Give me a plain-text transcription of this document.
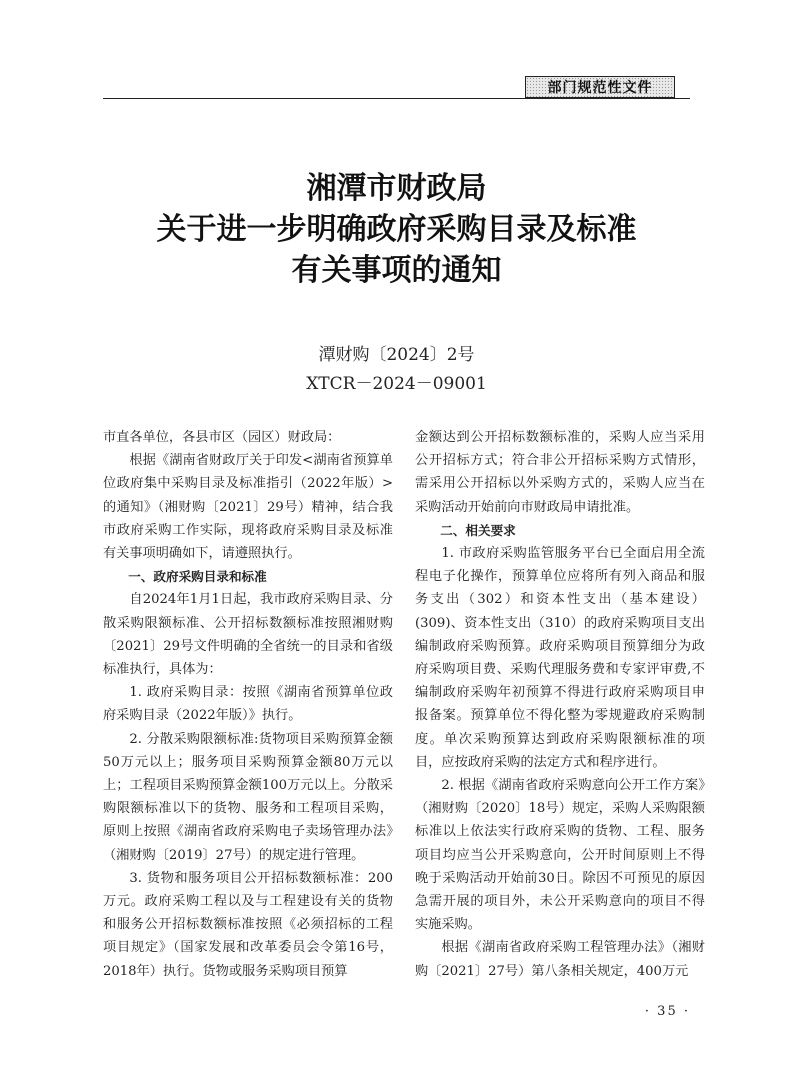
部门规范性文件
湘潭市财政局
关于进一步明确政府采购目录及标准
有关事项的通知
潭财购〔2024〕2号
XTCR－2024－09001

市直各单位，各县市区（园区）财政局：

根据《湖南省财政厅关于印发<湖南省预算单位政府集中采购目录及标准指引（2022年版）>的通知》（湘财购〔2021〕29号）精神，结合我市政府采购工作实际，现将政府采购目录及标准有关事项明确如下，请遵照执行。

一、政府采购目录和标准

自2024年1月1日起，我市政府采购目录、分散采购限额标准、公开招标数额标准按照湘财购〔2021〕29号文件明确的全省统一的目录和省级标准执行，具体为：

1. 政府采购目录：按照《湖南省预算单位政府采购目录（2022年版）》执行。

2. 分散采购限额标准:货物项目采购预算金额50万元以上；服务项目采购预算金额80万元以上；工程项目采购预算金额100万元以上。分散采购限额标准以下的货物、服务和工程项目采购，原则上按照《湖南省政府采购电子卖场管理办法》（湘财购〔2019〕27号）的规定进行管理。

3. 货物和服务项目公开招标数额标准：200万元。政府采购工程以及与工程建设有关的货物和服务公开招标数额标准按照《必须招标的工程项目规定》（国家发展和改革委员会令第16号，2018年）执行。货物或服务采购项目预算

金额达到公开招标数额标准的，采购人应当采用公开招标方式；符合非公开招标采购方式情形，需采用公开招标以外采购方式的，采购人应当在采购活动开始前向市财政局申请批准。

二、相关要求

1. 市政府采购监管服务平台已全面启用全流程电子化操作，预算单位应将所有列入商品和服务支出（302）和资本性支出（基本建设）(309)、资本性支出（310）的政府采购项目支出编制政府采购预算。政府采购项目预算细分为政府采购项目费、采购代理服务费和专家评审费,不编制政府采购年初预算不得进行政府采购项目申报备案。预算单位不得化整为零规避政府采购制度。单次采购预算达到政府采购限额标准的项目，应按政府采购的法定方式和程序进行。

2. 根据《湖南省政府采购意向公开工作方案》（湘财购〔2020〕18号）规定，采购人采购限额标准以上依法实行政府采购的货物、工程、服务项目均应当公开采购意向，公开时间原则上不得晚于采购活动开始前30日。除因不可预见的原因急需开展的项目外，未公开采购意向的项目不得实施采购。

根据《湖南省政府采购工程管理办法》（湘财购〔2021〕27号）第八条相关规定，400万元

· 35 ·
